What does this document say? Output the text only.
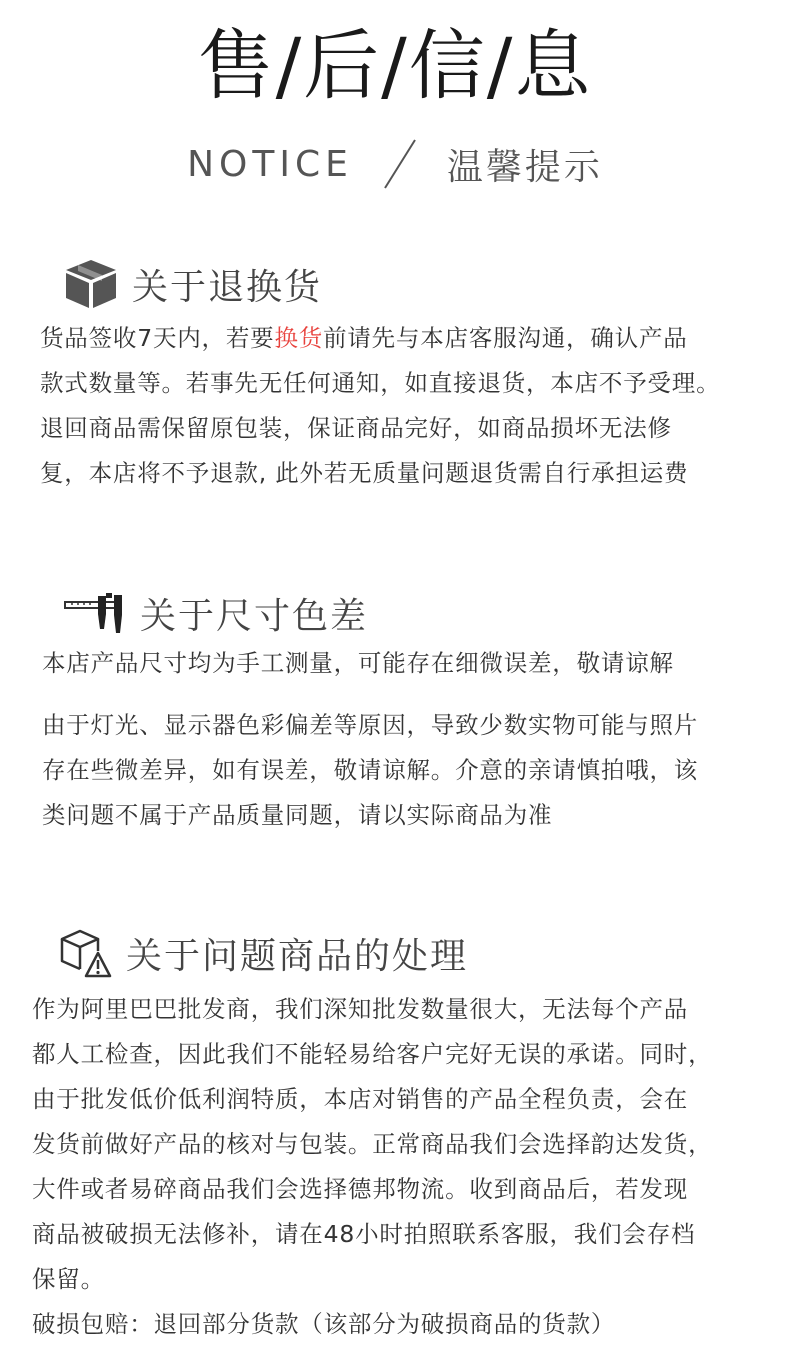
售/后/信/息
NOTICE	温馨提示
关于退换货
货品签收7天内，若要换货前请先与本店客服沟通，确认产品
款式数量等。若事先无任何通知，如直接退货，本店不予受理。
退回商品需保留原包装，保证商品完好，如商品损坏无法修
复，本店将不予退款, 此外若无质量问题退货需自行承担运费
关于尺寸色差
本店产品尺寸均为手工测量，可能存在细微误差，敬请谅解
由于灯光、显示器色彩偏差等原因，导致少数实物可能与照片
存在些微差异，如有误差，敬请谅解。介意的亲请慎拍哦，该
类问题不属于产品质量同题，请以实际商品为准
关于问题商品的处理
作为阿里巴巴批发商，我们深知批发数量很大，无法每个产品
都人工检查，因此我们不能轻易给客户完好无误的承诺。同时，
由于批发低价低利润特质，本店对销售的产品全程负责，会在
发货前做好产品的核对与包装。正常商品我们会选择韵达发货，
大件或者易碎商品我们会选择德邦物流。收到商品后，若发现
商品被破损无法修补，请在48小时拍照联系客服，我们会存档
保留。
破损包赔：退回部分货款（该部分为破损商品的货款）
